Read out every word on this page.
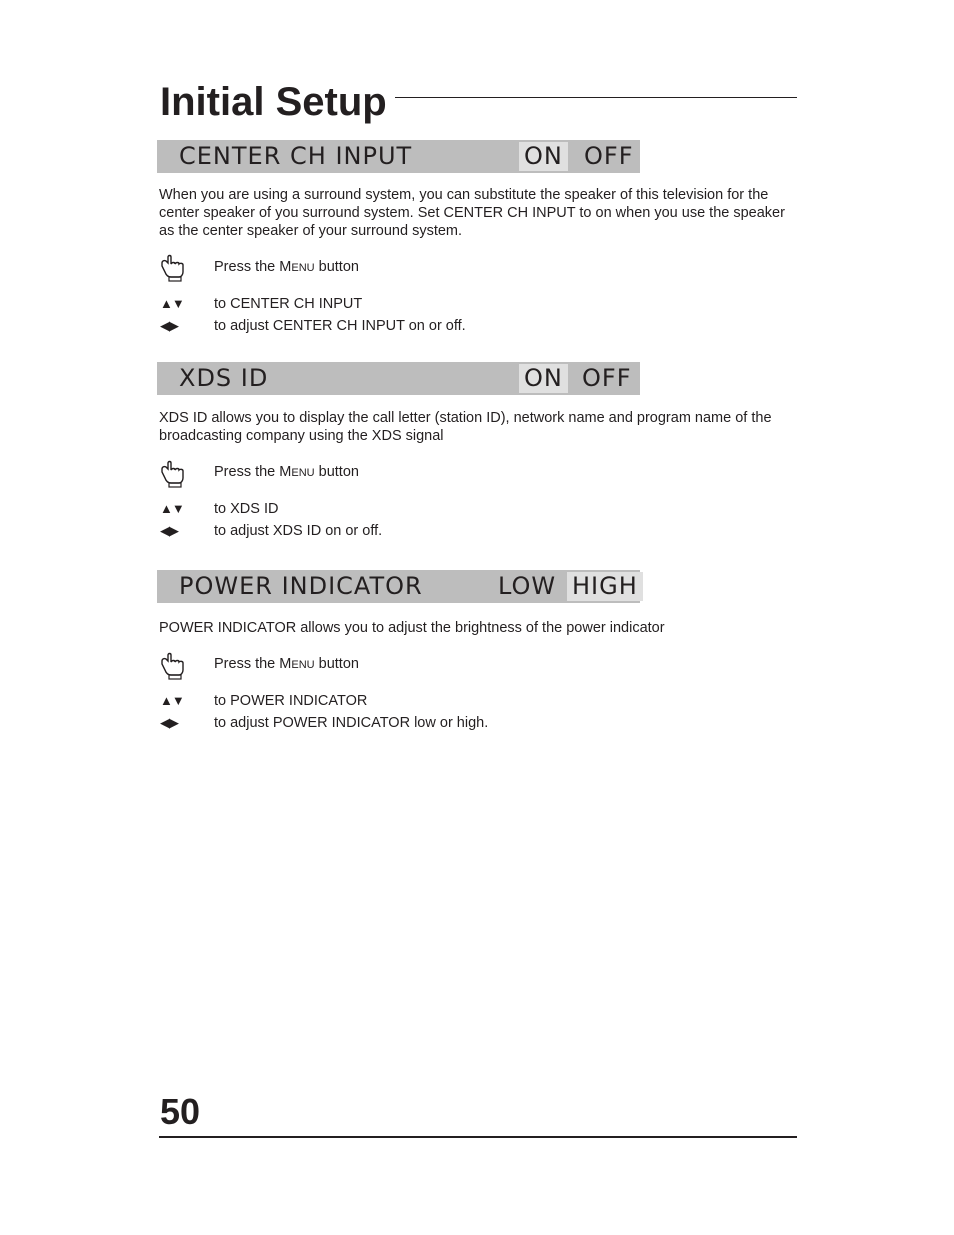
Initial Setup
CENTER CH INPUT	ON OFF

When you are using a surround system, you can substitute the speaker of this television for the center speaker of you surround system. Set CENTER CH INPUT to on when you use the speaker as the center speaker of your surround system.

Press the MENU button
▲▼ to CENTER CH INPUT
◀▶ to adjust CENTER CH INPUT on or off.
XDS ID	ON OFF

XDS ID allows you to display the call letter (station ID), network name and program name of the broadcasting company using the XDS signal

Press the MENU button
▲▼ to XDS ID
◀▶ to adjust XDS ID on or off.
POWER INDICATOR	LOW HIGH

POWER INDICATOR allows you to adjust the brightness of the power indicator

Press the MENU button
▲▼ to POWER INDICATOR
◀▶ to adjust POWER INDICATOR low or high.
50
